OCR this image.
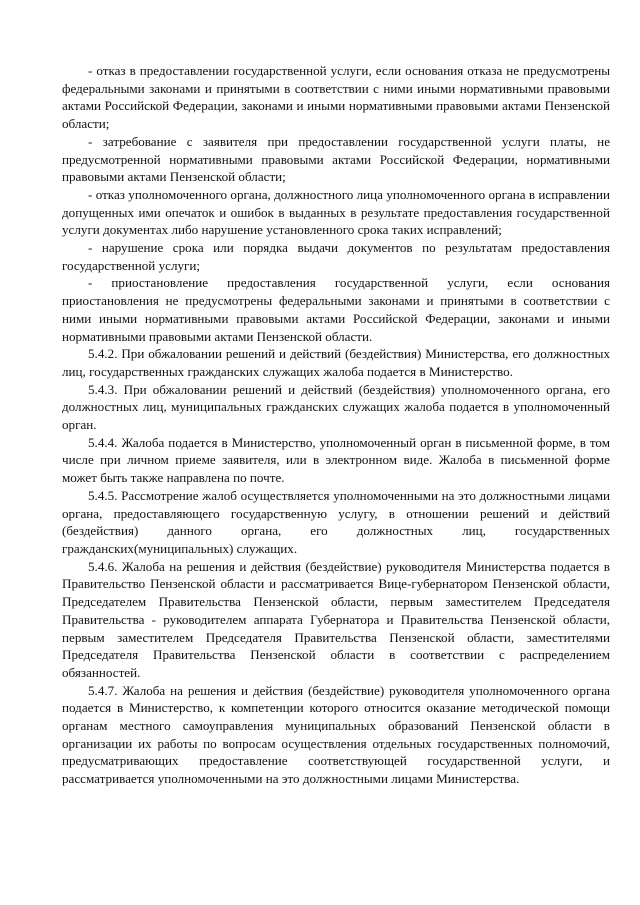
- отказ в предоставлении государственной услуги, если основания отказа не предусмотрены федеральными законами и принятыми в соответствии с ними иными нормативными правовыми актами Российской Федерации, законами и иными нормативными правовыми актами Пензенской области;

- затребование с заявителя при предоставлении государственной услуги платы, не предусмотренной нормативными правовыми актами Российской Федерации, нормативными правовыми актами Пензенской области;

- отказ уполномоченного органа, должностного лица уполномоченного органа в исправлении допущенных ими опечаток и ошибок в выданных в результате предоставления государственной услуги документах либо нарушение установленного срока таких исправлений;

- нарушение срока или порядка выдачи документов по результатам предоставления государственной услуги;

- приостановление предоставления государственной услуги, если основания приостановления не предусмотрены федеральными законами и принятыми в соответствии с ними иными нормативными правовыми актами Российской Федерации, законами и иными нормативными правовыми актами Пензенской области.

5.4.2. При обжаловании решений и действий (бездействия) Министерства, его должностных лиц, государственных гражданских служащих жалоба подается в Министерство.

5.4.3. При обжаловании решений и действий (бездействия) уполномоченного органа, его должностных лиц, муниципальных гражданских служащих жалоба подается в уполномоченный орган.

5.4.4. Жалоба подается в Министерство, уполномоченный орган в письменной форме, в том числе при личном приеме заявителя, или в электронном виде. Жалоба в письменной форме может быть также направлена по почте.

5.4.5. Рассмотрение жалоб осуществляется уполномоченными на это должностными лицами органа, предоставляющего государственную услугу, в отношении решений и действий (бездействия) данного органа, его должностных лиц, государственных гражданских(муниципальных) служащих.

5.4.6. Жалоба на решения и действия (бездействие) руководителя Министерства подается в Правительство Пензенской области и рассматривается Вице-губернатором Пензенской области, Председателем Правительства Пензенской области, первым заместителем Председателя Правительства - руководителем аппарата Губернатора и Правительства Пензенской области, первым заместителем Председателя Правительства Пензенской области, заместителями Председателя Правительства Пензенской области в соответствии с распределением обязанностей.

5.4.7. Жалоба на решения и действия (бездействие) руководителя уполномоченного органа подается в Министерство, к компетенции которого относится оказание методической помощи органам местного самоуправления муниципальных образований Пензенской области в организации их работы по вопросам осуществления отдельных государственных полномочий, предусматривающих предоставление соответствующей государственной услуги, и рассматривается уполномоченными на это должностными лицами Министерства.
